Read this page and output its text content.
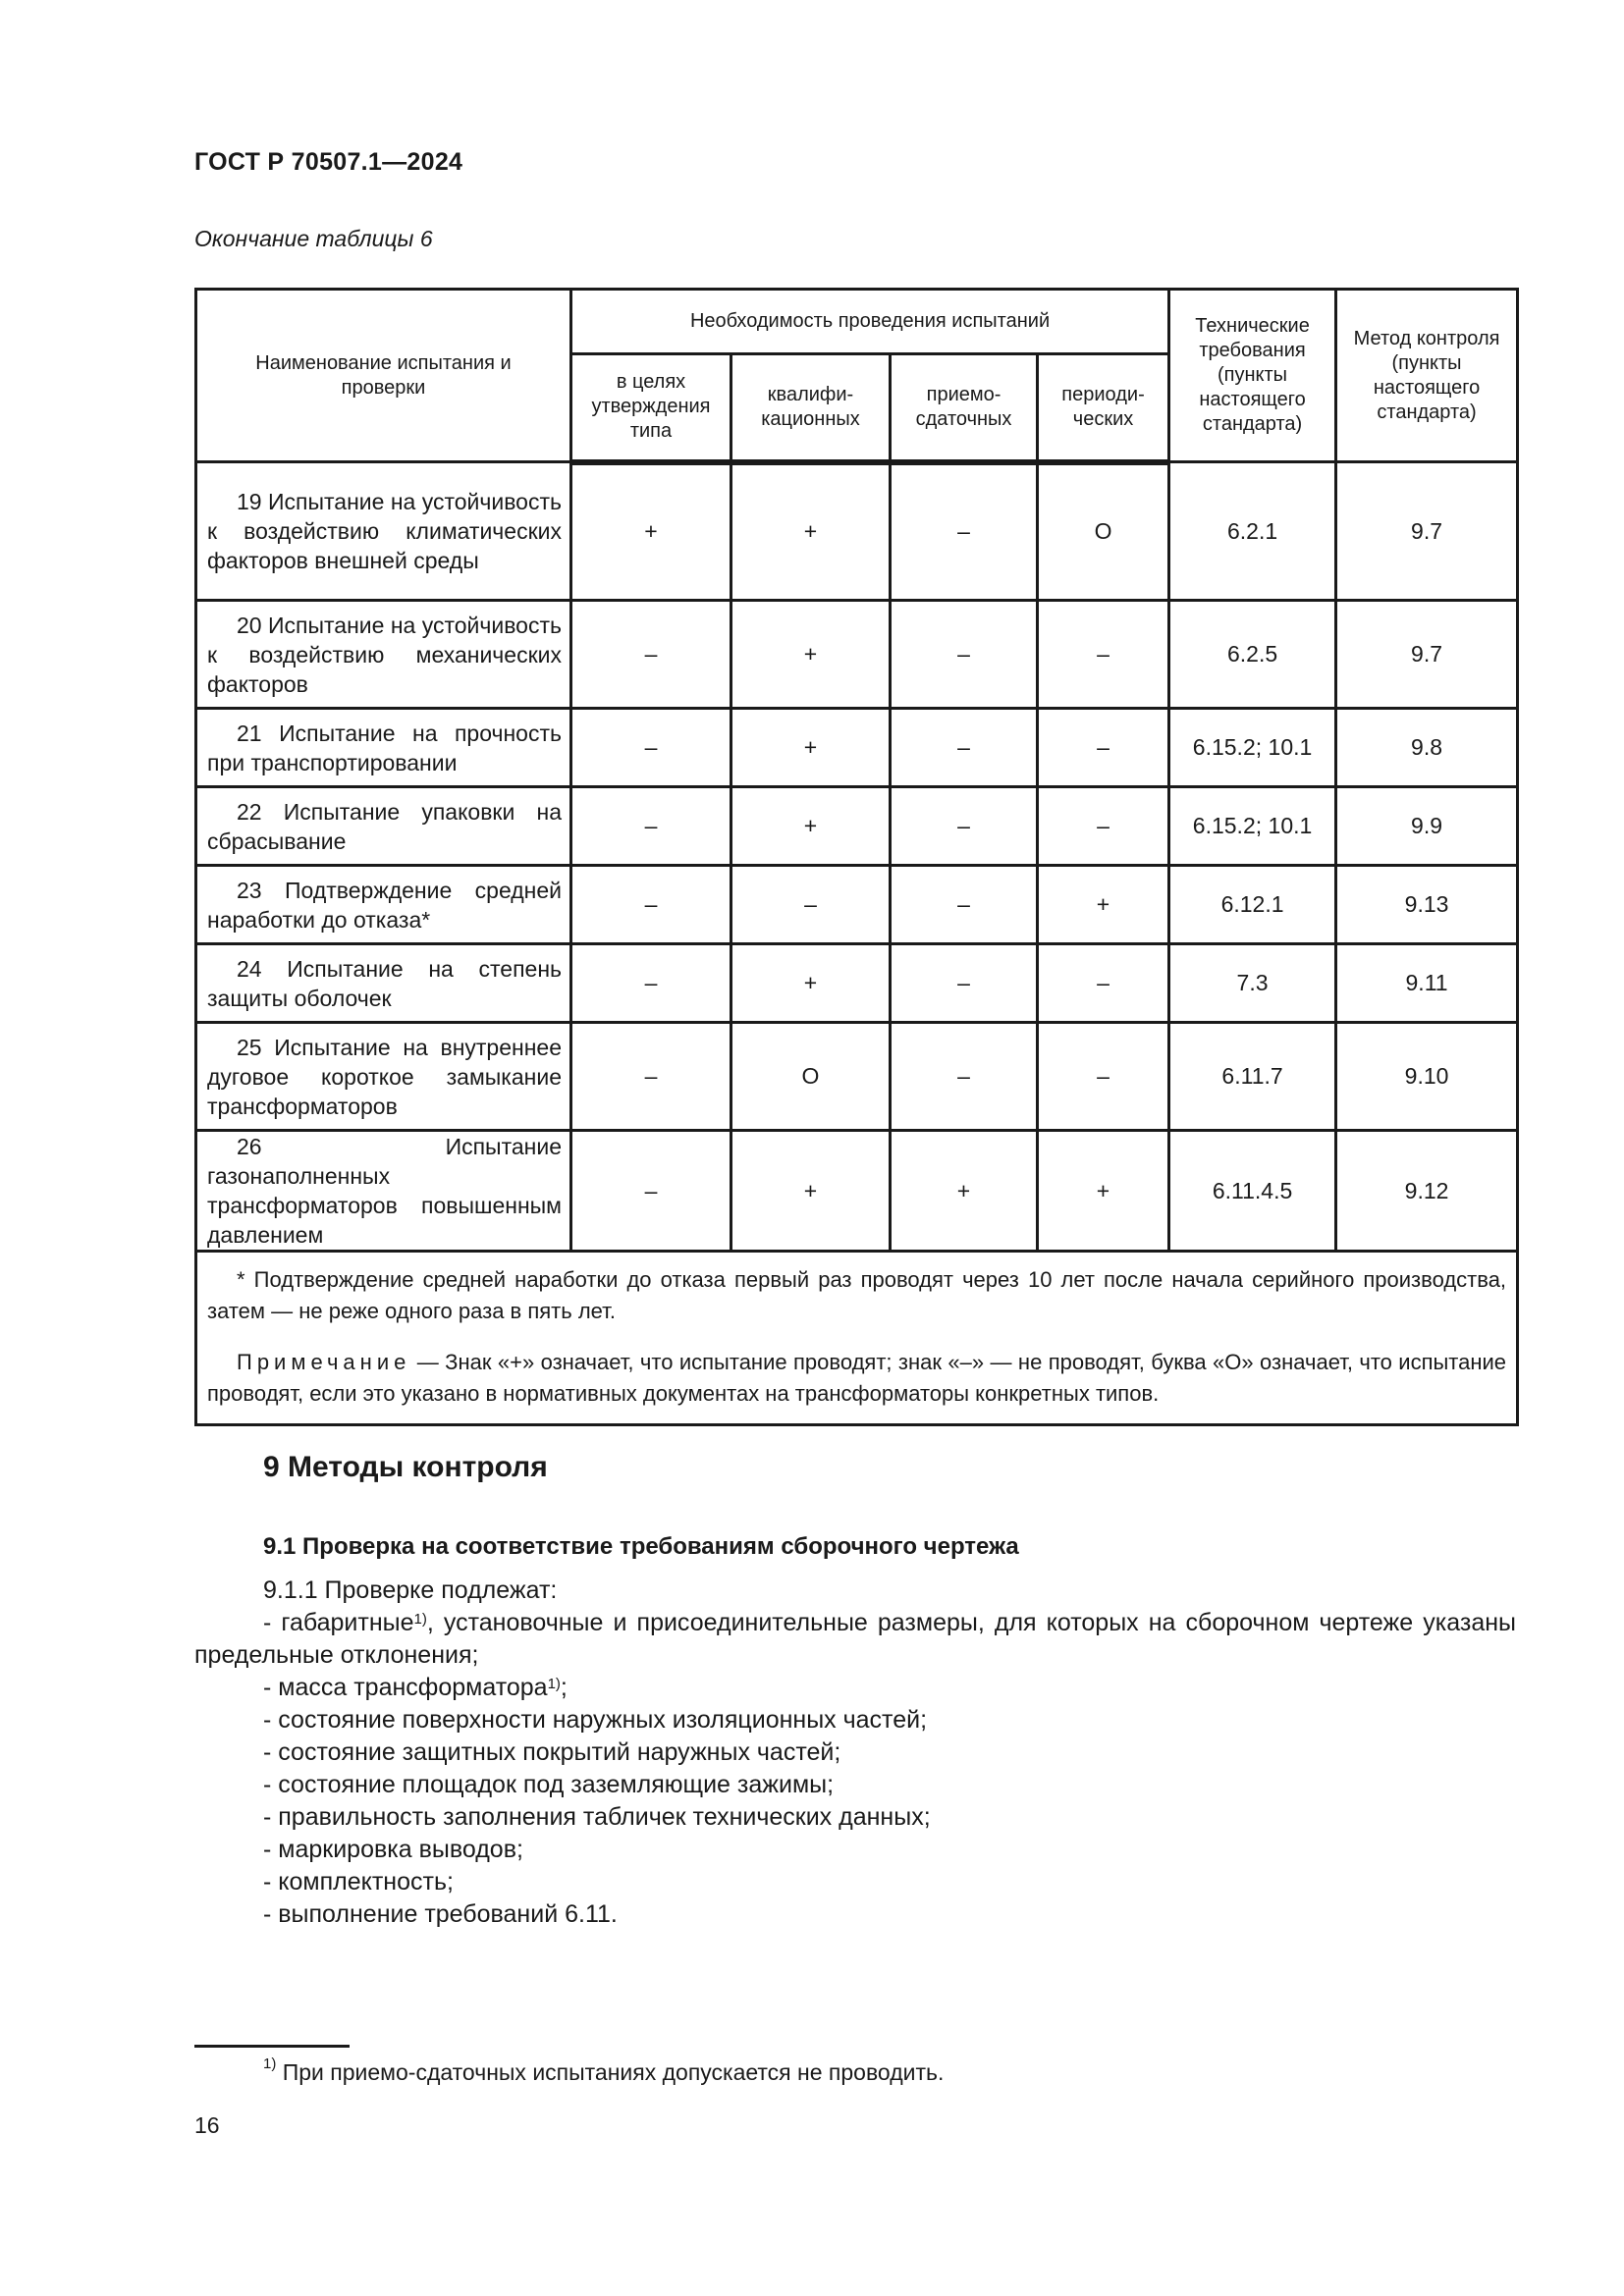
ГОСТ Р 70507.1—2024
Окончание таблицы 6
Наименование испытания и проверки	Необходимость проведения испытаний				Технические требования (пункты настоящего стандарта)	Метод контроля (пункты настоящего стандарта)
	в целях утверждения типа	квалифи-кационных	приемо-сдаточных	периоди-ческих		
19 Испытание на устойчивость к воздействию климатических факторов внешней среды	+	+	–	О	6.2.1	9.7
20 Испытание на устойчивость к воздействию механических факторов	–	+	–	–	6.2.5	9.7
21 Испытание на прочность при транспортировании	–	+	–	–	6.15.2; 10.1	9.8
22 Испытание упаковки на сбрасывание	–	+	–	–	6.15.2; 10.1	9.9
23 Подтверждение средней наработки до отказа*	–	–	–	+	6.12.1	9.13
24 Испытание на степень защиты оболочек	–	+	–	–	7.3	9.11
25 Испытание на внутреннее дуговое короткое замыкание трансформаторов	–	О	–	–	6.11.7	9.10
26 Испытание газонаполненных трансформаторов повышенным давлением	–	+	+	+	6.11.4.5	9.12

* Подтверждение средней наработки до отказа первый раз проводят через 10 лет после начала серийного производства, затем — не реже одного раза в пять лет.
Примечание — Знак «+» означает, что испытание проводят; знак «–» — не проводят, буква «О» означает, что испытание проводят, если это указано в нормативных документах на трансформаторы конкретных типов.						
9 Методы контроля
9.1 Проверка на соответствие требованиям сборочного чертежа

9.1.1 Проверке подлежат:

- габаритные$^{1)}$, установочные и присоединительные размеры, для которых на сборочном чертеже указаны предельные отклонения;

- масса трансформатора$^{1)}$;

- состояние поверхности наружных изоляционных частей;

- состояние защитных покрытий наружных частей;

- состояние площадок под заземляющие зажимы;

- правильность заполнения табличек технических данных;

- маркировка выводов;

- комплектность;

- выполнение требований 6.11.

$^{1)}$ При приемо-сдаточных испытаниях допускается не проводить.
16
